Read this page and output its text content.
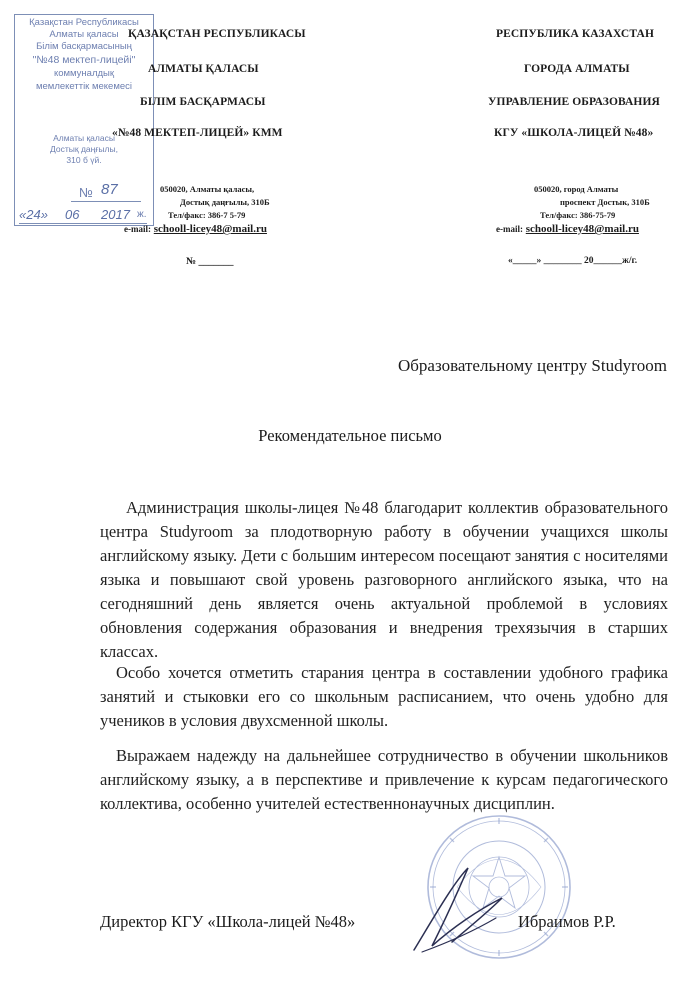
Қазақстан Республикасы
Алматы қаласы
Білім басқармасының
"№48 мектеп-лицейі"
коммуналдық
мемлекеттік мекемесі
Алматы қаласы
Достық даңғылы,
310 б үй.
№ 87
«24» 06 2017 ж.
ҚАЗАҚСТАН РЕСПУБЛИКАСЫ
АЛМАТЫ ҚАЛАСЫ
БІЛІМ БАСҚАРМАСЫ
«№48 МЕКТЕП-ЛИЦЕЙ» КММ
050020, Алматы қаласы,
Достық даңғылы, 310Б
Тел/факс: 386-7 5-79
e-mail: schooll-licey48@mail.ru
№ _______
РЕСПУБЛИКА КАЗАХСТАН
ГОРОДА АЛМАТЫ
УПРАВЛЕНИЕ ОБРАЗОВАНИЯ
КГУ «ШКОЛА-ЛИЦЕЙ №48»
050020, город Алматы
проспект Достык, 310Б
Тел/факс: 386-75-79
e-mail: schooll-licey48@mail.ru
«_____» ________ 20______ж/г.
Образовательному центру Studyroom
Рекомендательное письмо
Администрация школы-лицея №48 благодарит коллектив образовательного центра Studyroom за плодотворную работу в обучении учащихся школы английскому языку. Дети с большим интересом посещают занятия с носителями языка и повышают свой уровень разговорного английского языка, что на сегодняшний день является очень актуальной проблемой в условиях обновления содержания образования и внедрения трехязычия в старших классах.
Особо хочется отметить старания центра в составлении удобного графика занятий и стыковки его со школьным расписанием, что очень удобно для учеников в условия двухсменной школы.
Выражаем надежду на дальнейшее сотрудничество в обучении школьников английскому языку, а в перспективе и привлечение к курсам педагогического коллектива, особенно учителей естественнонаучных дисциплин.
Директор КГУ «Школа-лицей №48»	Ибраимов Р.Р.
